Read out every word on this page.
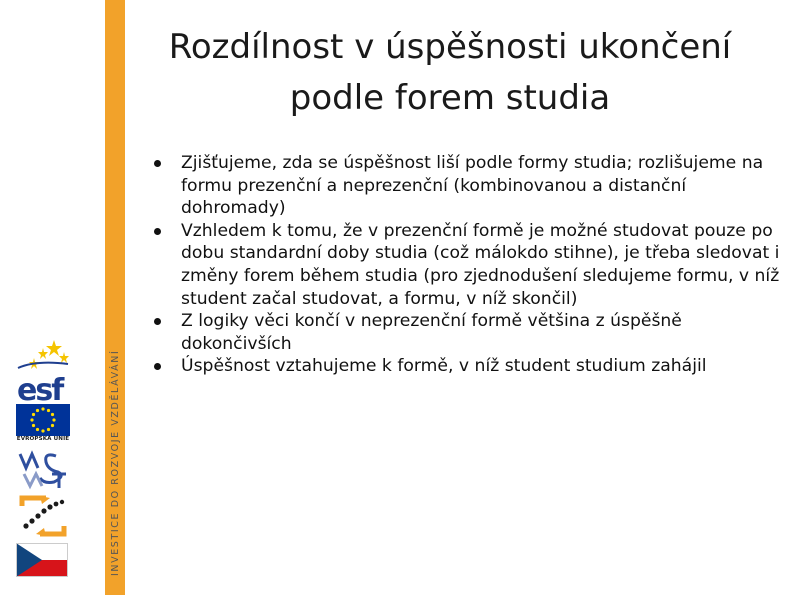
INVESTICE DO ROZVOJE VZDĚLÁVÁNÍ
esf
EVROPSKÁ UNIE
Rozdílnost v úspěšnosti ukončení podle forem studia
Zjišťujeme, zda se úspěšnost liší podle formy studia; rozlišujeme na formu prezenční a neprezenční (kombinovanou a distanční dohromady)
Vzhledem k tomu, že v prezenční formě je možné studovat pouze po dobu standardní doby studia (což málokdo stihne), je třeba sledovat i změny forem během studia (pro zjednodušení sledujeme formu, v níž student začal studovat, a formu, v níž skončil)
Z logiky věci končí v neprezenční formě většina z úspěšně dokončivších
Úspěšnost vztahujeme k formě, v níž student studium zahájil
